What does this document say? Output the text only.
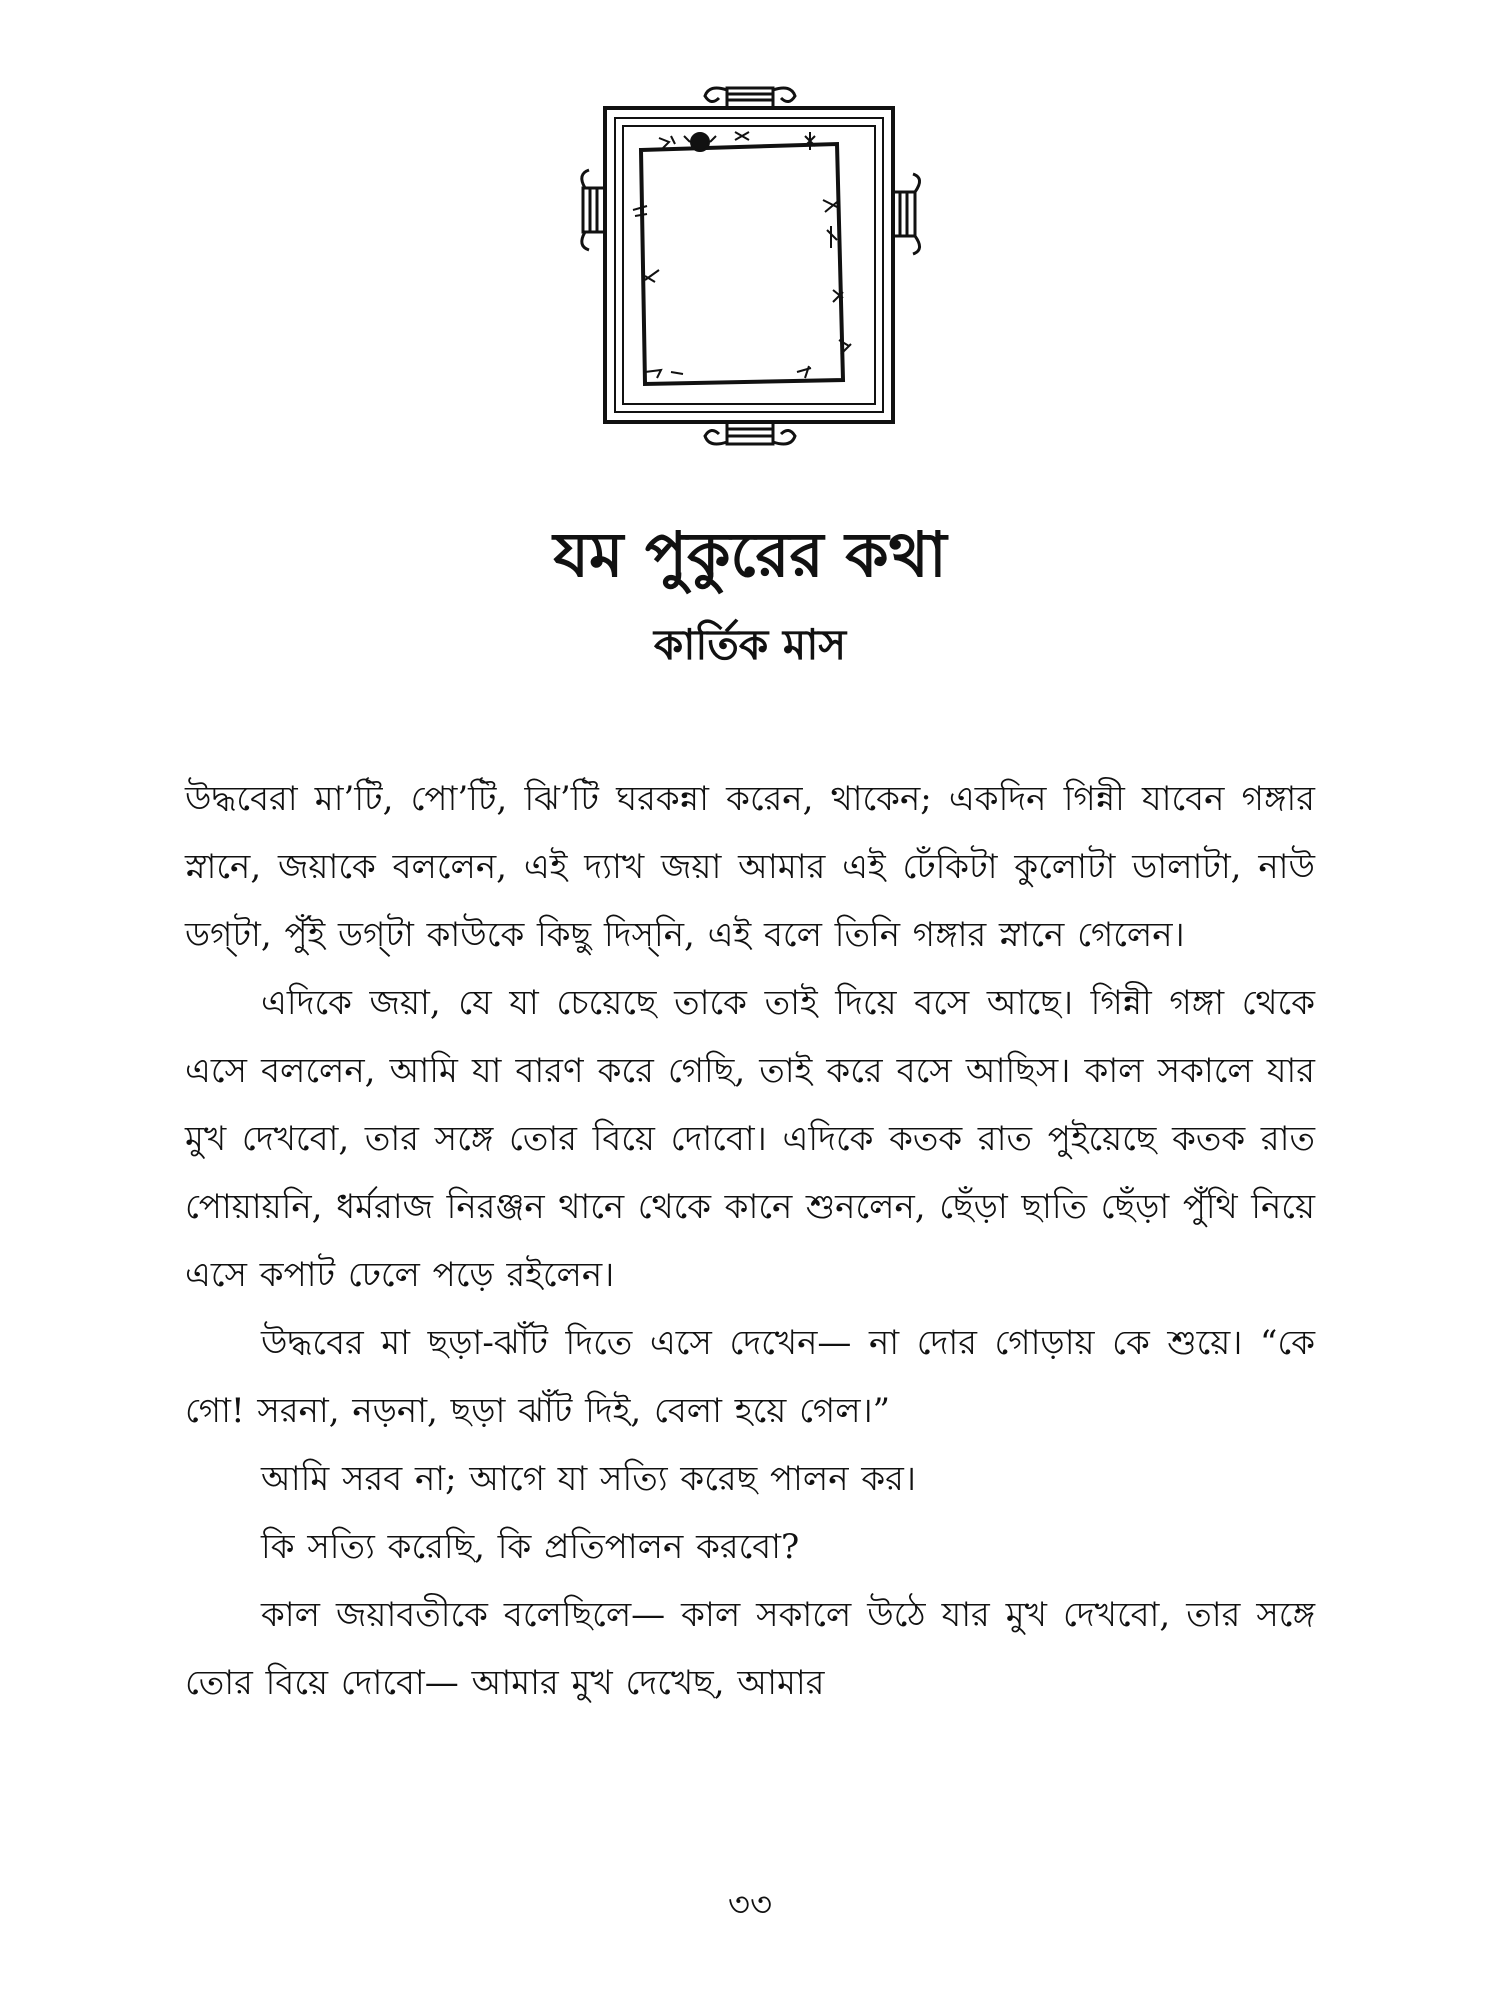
যম পুকুরের কথা
কার্তিক মাস

উদ্ধবেরা মা’টি, পো’টি, ঝি’টি ঘরকন্না করেন, থাকেন; একদিন গিন্নী যাবেন গঙ্গার স্নানে, জয়াকে বললেন, এই দ্যাখ জয়া আমার এই ঢেঁকিটা কুলোটা ডালাটা, নাউ ডগ্‌টা, পুঁই ডগ্‌টা কাউকে কিছু দিস্‌নি, এই বলে তিনি গঙ্গার স্নানে গেলেন।

এদিকে জয়া, যে যা চেয়েছে তাকে তাই দিয়ে বসে আছে। গিন্নী গঙ্গা থেকে এসে বললেন, আমি যা বারণ করে গেছি, তাই করে বসে আছিস। কাল সকালে যার মুখ দেখবো, তার সঙ্গে তোর বিয়ে দোবো। এদিকে কতক রাত পুইয়েছে কতক রাত পোয়ায়নি, ধর্মরাজ নিরঞ্জন থানে থেকে কানে শুনলেন, ছেঁড়া ছাতি ছেঁড়া পুঁথি নিয়ে এসে কপাট ঢেলে পড়ে রইলেন।

উদ্ধবের মা ছড়া-ঝাঁট দিতে এসে দেখেন— না দোর গোড়ায় কে শুয়ে। “কে গো! সরনা, নড়না, ছড়া ঝাঁট দিই, বেলা হয়ে গেল।”

আমি সরব না; আগে যা সত্যি করেছ পালন কর।

কি সত্যি করেছি, কি প্রতিপালন করবো?

কাল জয়াবতীকে বলেছিলে— কাল সকালে উঠে যার মুখ দেখবো, তার সঙ্গে তোর বিয়ে দোবো— আমার মুখ দেখেছ, আমার

৩৩
